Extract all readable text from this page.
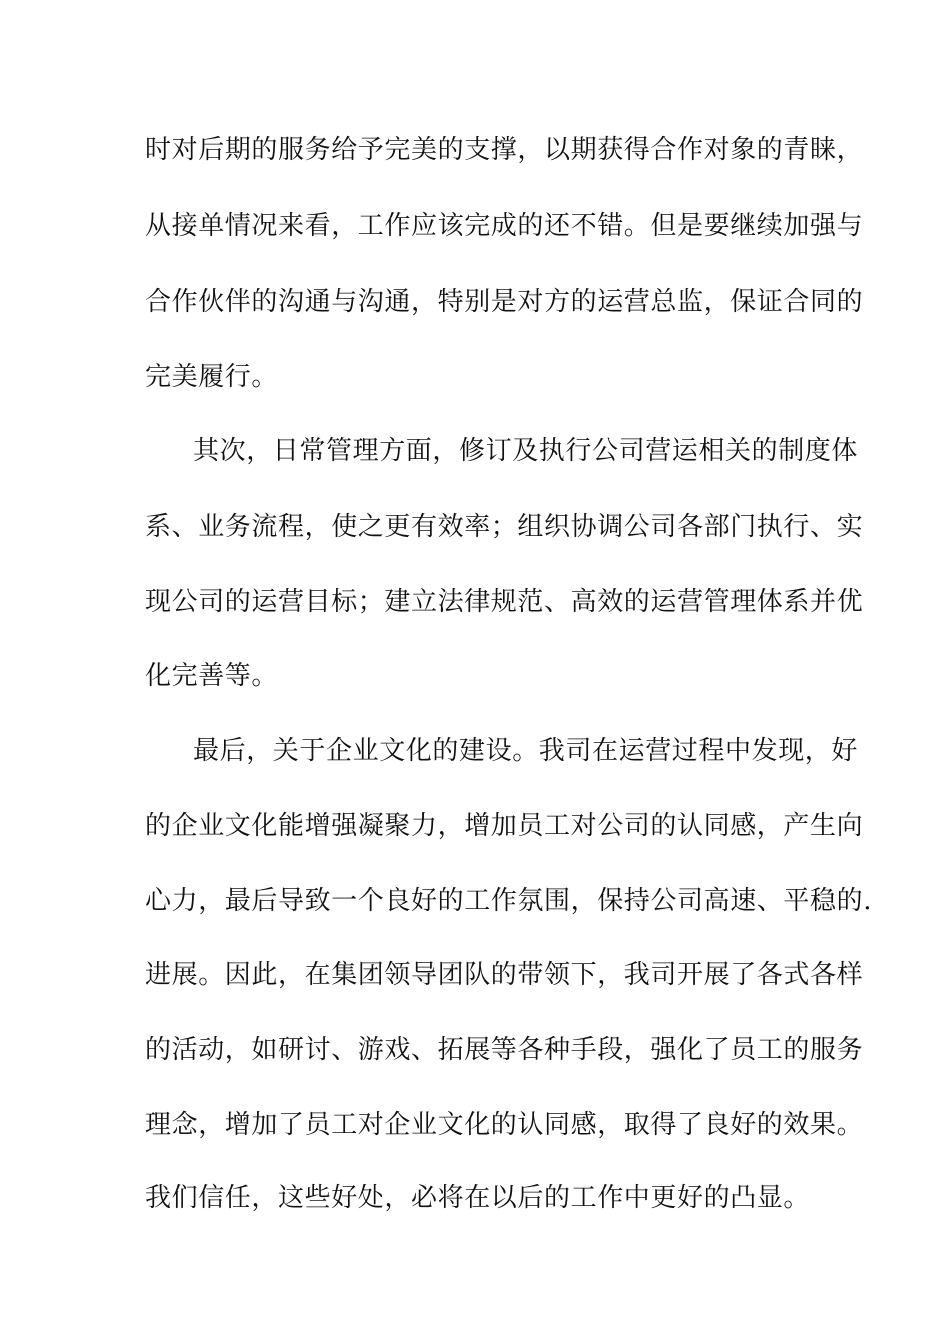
时对后期的服务给予完美的支撑，以期获得合作对象的青睐，
从接单情况来看，工作应该完成的还不错。但是要继续加强与
合作伙伴的沟通与沟通，特别是对方的运营总监，保证合同的
完美履行。
其次，日常管理方面，修订及执行公司营运相关的制度体
系、业务流程，使之更有效率；组织协调公司各部门执行、实
现公司的运营目标；建立法律规范、高效的运营管理体系并优
化完善等。
最后，关于企业文化的建设。我司在运营过程中发现，好
的企业文化能增强凝聚力，增加员工对公司的认同感，产生向
心力，最后导致一个良好的工作氛围，保持公司高速、平稳的.
进展。因此，在集团领导团队的带领下，我司开展了各式各样
的活动，如研讨、游戏、拓展等各种手段，强化了员工的服务
理念，增加了员工对企业文化的认同感，取得了良好的效果。
我们信任，这些好处，必将在以后的工作中更好的凸显。
